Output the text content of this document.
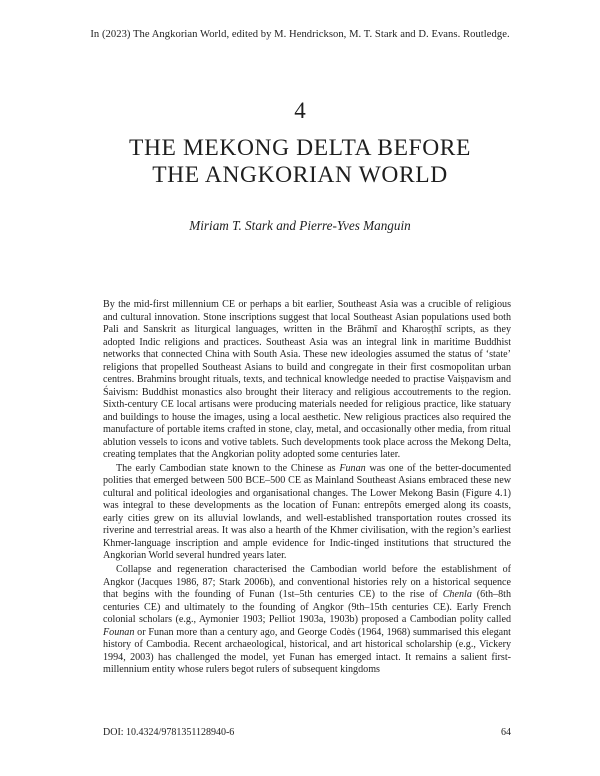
In (2023) The Angkorian World, edited by M. Hendrickson, M. T. Stark and D. Evans. Routledge.
4
THE MEKONG DELTA BEFORE
THE ANGKORIAN WORLD
Miriam T. Stark and Pierre-Yves Manguin

By the mid-first millennium CE or perhaps a bit earlier, Southeast Asia was a crucible of religious and cultural innovation. Stone inscriptions suggest that local Southeast Asian populations used both Pali and Sanskrit as liturgical languages, written in the Brāhmī and Kharoṣṭhī scripts, as they adopted Indic religions and practices. Southeast Asia was an integral link in maritime Buddhist networks that connected China with South Asia. These new ideologies assumed the status of ‘state’ religions that propelled Southeast Asians to build and congregate in their first cosmopolitan urban centres. Brahmins brought rituals, texts, and technical knowledge needed to practise Vaiṣṇavism and Śaivism: Buddhist monastics also brought their literacy and religious accoutrements to the region. Sixth-century CE local artisans were producing materials needed for religious practice, like statuary and buildings to house the images, using a local aesthetic. New religious practices also required the manufacture of portable items crafted in stone, clay, metal, and occasionally other media, from ritual ablution vessels to icons and votive tablets. Such developments took place across the Mekong Delta, creating templates that the Angkorian polity adopted some centuries later.

The early Cambodian state known to the Chinese as Funan was one of the better-documented polities that emerged between 500 BCE–500 CE as Mainland Southeast Asians embraced these new cultural and political ideologies and organisational changes. The Lower Mekong Basin (Figure 4.1) was integral to these developments as the location of Funan: entrepôts emerged along its coasts, early cities grew on its alluvial lowlands, and well-established transportation routes crossed its riverine and terrestrial areas. It was also a hearth of the Khmer civilisation, with the region’s earliest Khmer-language inscription and ample evidence for Indic-tinged institutions that structured the Angkorian World several hundred years later.

Collapse and regeneration characterised the Cambodian world before the establishment of Angkor (Jacques 1986, 87; Stark 2006b), and conventional histories rely on a historical sequence that begins with the founding of Funan (1st–5th centuries CE) to the rise of Chenla (6th–8th centuries CE) and ultimately to the founding of Angkor (9th–15th centuries CE). Early French colonial scholars (e.g., Aymonier 1903; Pelliot 1903a, 1903b) proposed a Cambodian polity called Founan or Funan more than a century ago, and George Codès (1964, 1968) summarised this elegant history of Cambodia. Recent archaeological, historical, and art historical scholarship (e.g., Vickery 1994, 2003) has challenged the model, yet Funan has emerged intact. It remains a salient first-millennium entity whose rulers begot rulers of subsequent kingdoms

DOI: 10.4324/9781351128940-6	64
